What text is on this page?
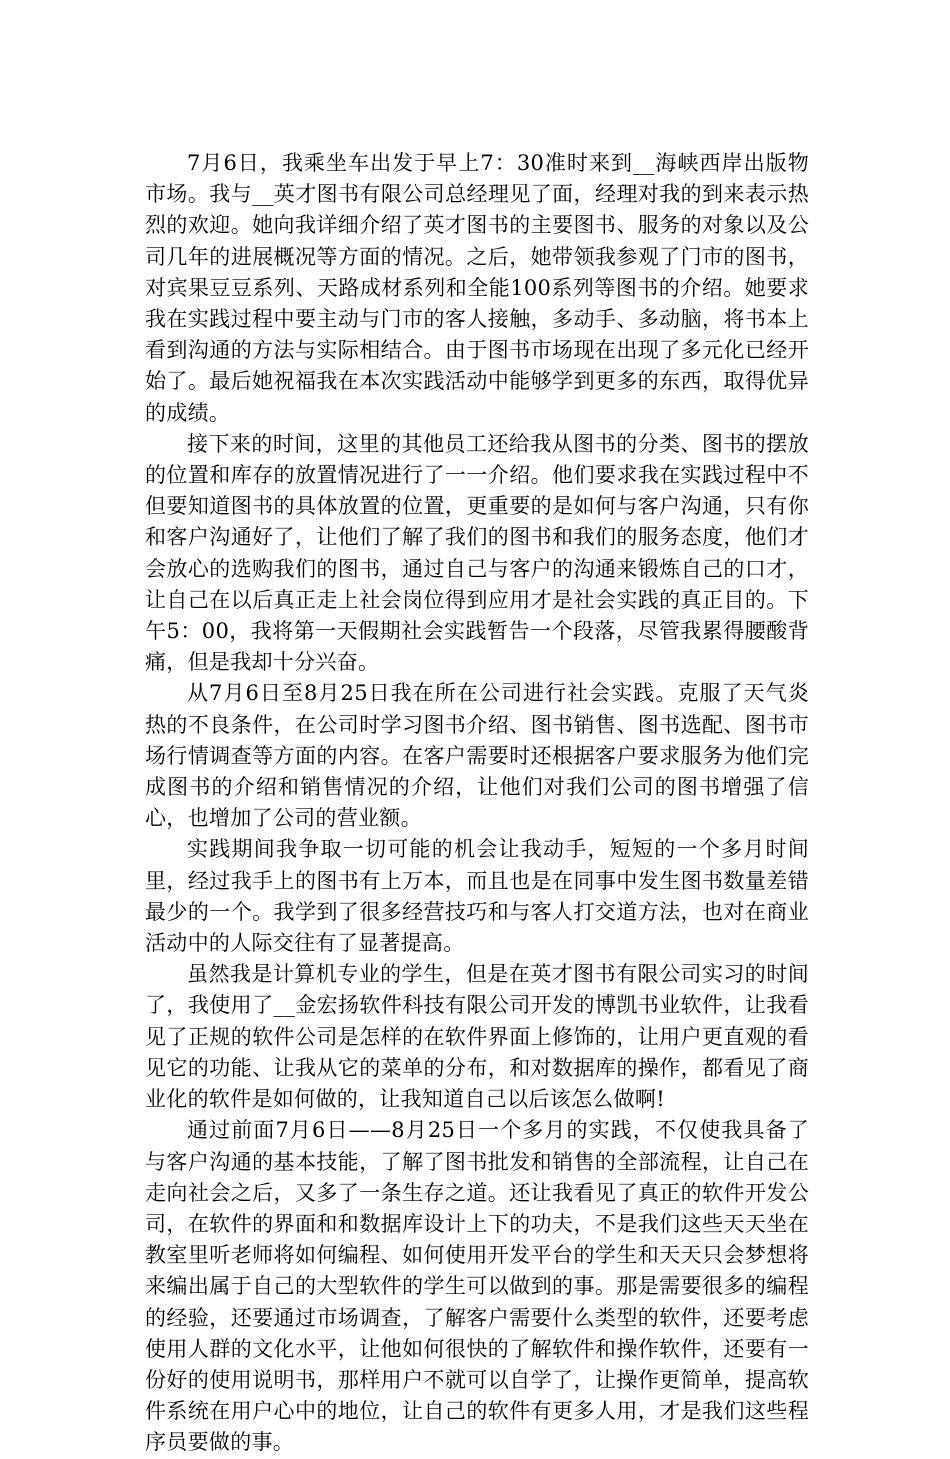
7月6日，我乘坐车出发于早上7：30准时来到__海峡西岸出版物市场。我与__英才图书有限公司总经理见了面，经理对我的到来表示热烈的欢迎。她向我详细介绍了英才图书的主要图书、服务的对象以及公司几年的进展概况等方面的情况。之后，她带领我参观了门市的图书，对宾果豆豆系列、天路成材系列和全能100系列等图书的介绍。她要求我在实践过程中要主动与门市的客人接触，多动手、多动脑，将书本上看到沟通的方法与实际相结合。由于图书市场现在出现了多元化已经开始了。最后她祝福我在本次实践活动中能够学到更多的东西，取得优异的成绩。

接下来的时间，这里的其他员工还给我从图书的分类、图书的摆放的位置和库存的放置情况进行了一一介绍。他们要求我在实践过程中不但要知道图书的具体放置的位置，更重要的是如何与客户沟通，只有你和客户沟通好了，让他们了解了我们的图书和我们的服务态度，他们才会放心的选购我们的图书，通过自己与客户的沟通来锻炼自己的口才，让自己在以后真正走上社会岗位得到应用才是社会实践的真正目的。下午5：00，我将第一天假期社会实践暂告一个段落，尽管我累得腰酸背痛，但是我却十分兴奋。

从7月6日至8月25日我在所在公司进行社会实践。克服了天气炎热的不良条件，在公司时学习图书介绍、图书销售、图书选配、图书市场行情调查等方面的内容。在客户需要时还根据客户要求服务为他们完成图书的介绍和销售情况的介绍，让他们对我们公司的图书增强了信心，也增加了公司的营业额。

实践期间我争取一切可能的机会让我动手，短短的一个多月时间里，经过我手上的图书有上万本，而且也是在同事中发生图书数量差错最少的一个。我学到了很多经营技巧和与客人打交道方法，也对在商业活动中的人际交往有了显著提高。

虽然我是计算机专业的学生，但是在英才图书有限公司实习的时间了，我使用了__金宏扬软件科技有限公司开发的博凯书业软件，让我看见了正规的软件公司是怎样的在软件界面上修饰的，让用户更直观的看见它的功能、让我从它的菜单的分布，和对数据库的操作，都看见了商业化的软件是如何做的，让我知道自己以后该怎么做啊!

通过前面7月6日——8月25日一个多月的实践，不仅使我具备了与客户沟通的基本技能，了解了图书批发和销售的全部流程，让自己在走向社会之后，又多了一条生存之道。还让我看见了真正的软件开发公司，在软件的界面和和数据库设计上下的功夫，不是我们这些天天坐在教室里听老师将如何编程、如何使用开发平台的学生和天天只会梦想将来编出属于自己的大型软件的学生可以做到的事。那是需要很多的编程的经验，还要通过市场调查，了解客户需要什么类型的软件，还要考虑使用人群的文化水平，让他如何很快的了解软件和操作软件，还要有一份好的使用说明书，那样用户不就可以自学了，让操作更简单，提高软件系统在用户心中的地位，让自己的软件有更多人用，才是我们这些程序员要做的事。
